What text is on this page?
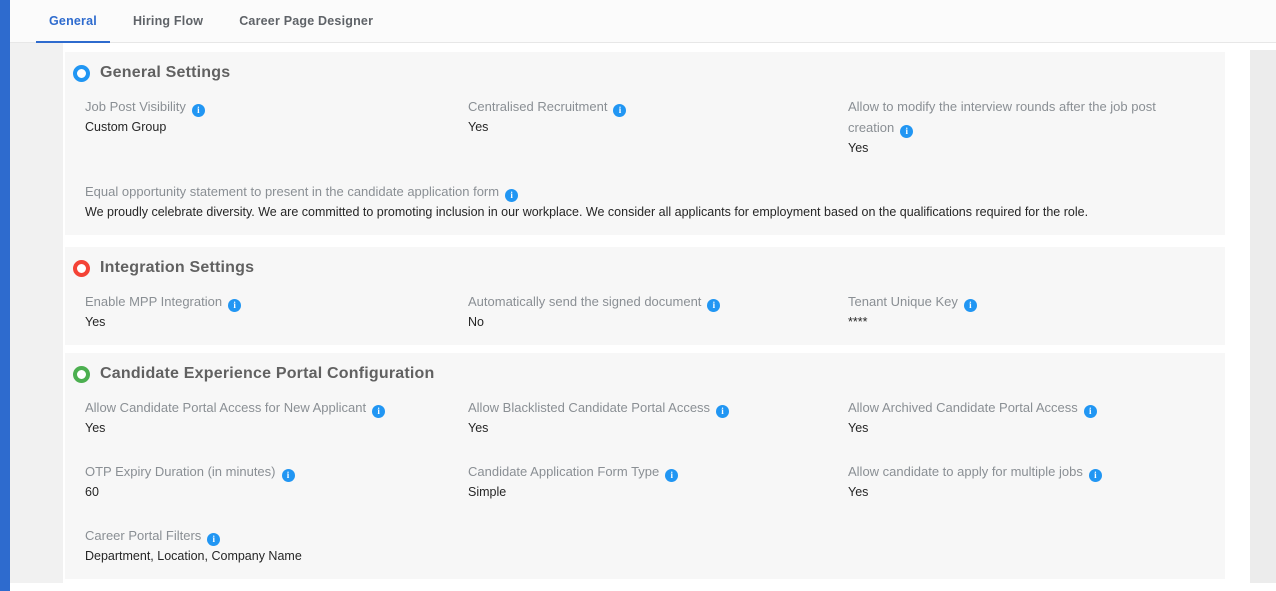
General	Hiring Flow	Career Page Designer
General Settings
Job Post Visibility i
Custom Group
Centralised Recruitment i
Yes
Allow to modify the interview rounds after the job post creation i
Yes
Equal opportunity statement to present in the candidate application form i
We proudly celebrate diversity. We are committed to promoting inclusion in our workplace. We consider all applicants for employment based on the qualifications required for the role.
Integration Settings
Enable MPP Integration i
Yes
Automatically send the signed document i
No
Tenant Unique Key i
****
Candidate Experience Portal Configuration
Allow Candidate Portal Access for New Applicant i
Yes
Allow Blacklisted Candidate Portal Access i
Yes
Allow Archived Candidate Portal Access i
Yes
OTP Expiry Duration (in minutes) i
60
Candidate Application Form Type i
Simple
Allow candidate to apply for multiple jobs i
Yes
Career Portal Filters i
Department, Location, Company Name
